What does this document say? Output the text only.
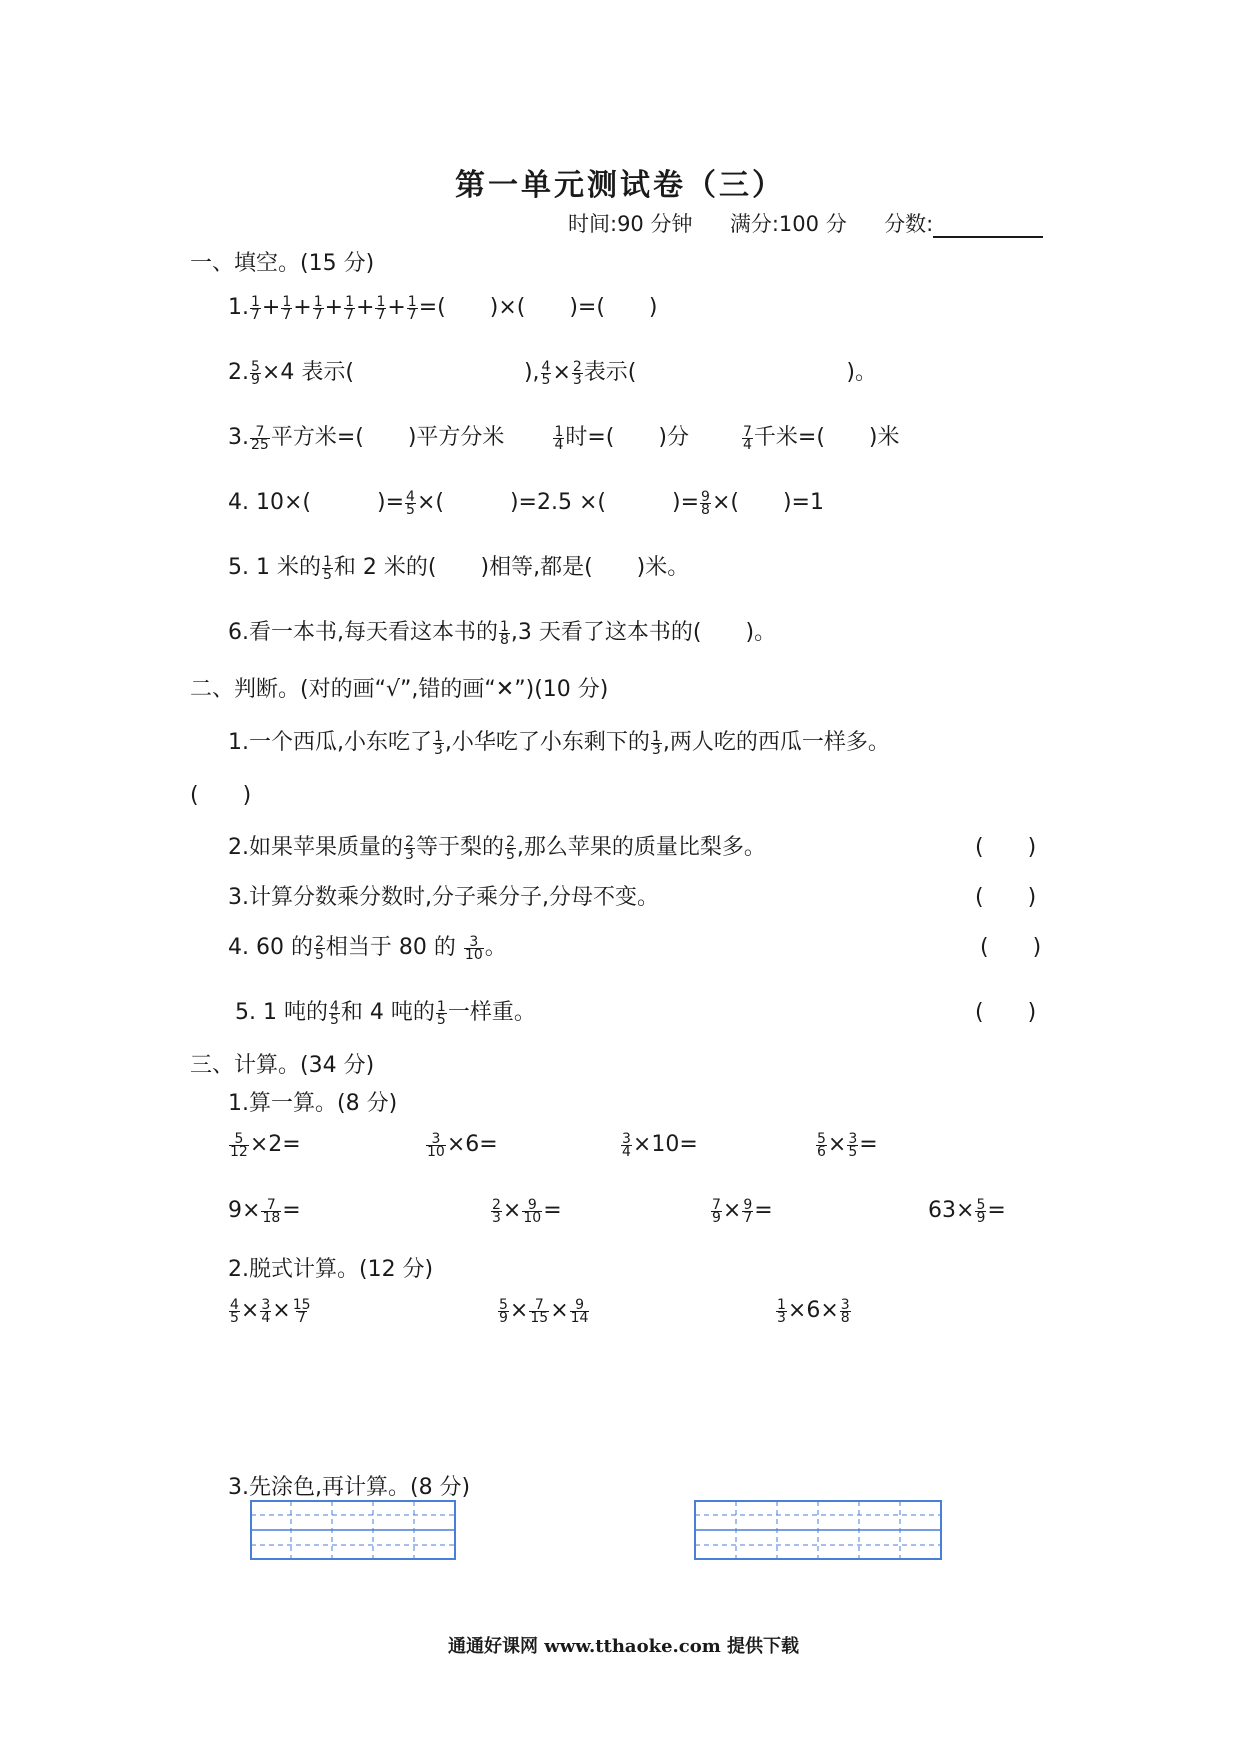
第一单元测试卷（三）
时间:90 分钟 满分:100 分 分数:
一、填空。(15 分)
1. $\frac{1}{7} + \frac{1}{7} + \frac{1}{7} + \frac{1}{7} + \frac{1}{7} + \frac{1}{7}$ =(　　)×(　　)=(　　)
2. $\frac{5}{9} \times 4$ 表示(	), $\frac{4}{5} \times \frac{2}{3}$ 表示(	)。
3. $\frac{7}{25}$ 平方米=(　　)平方分米	$\frac{1}{4}$ 时=(　　)分	$\frac{7}{4}$ 千米=(　　)米
4. 10×(　　　)= $\frac{4}{5}$ ×(　　　)=2.5 ×(　　　)= $\frac{9}{8}$ ×(　　)=1
5. 1 米的 $\frac{1}{5}$ 和 2 米的(　　)相等,都是(　　)米。
6.看一本书,每天看这本书的 $\frac{1}{8} ,3$ 天看了这本书的(　　)。
二、判断。(对的画“√”,错的画“✕”)(10 分)
1.一个西瓜,小东吃了 $\frac{1}{3}$ ,小华吃了小东剩下的 $\frac{1}{3}$ ,两人吃的西瓜一样多。
(　　)
2.如果苹果质量的 $\frac{2}{3}$ 等于梨的 $\frac{2}{5}$ ,那么苹果的质量比梨多。	(　　)
3.计算分数乘分数时,分子乘分子,分母不变。	(　　)
4. 60 的 $\frac{2}{5}$ 相当于 80 的 $\frac{3}{10}$ 。	(　　)
5. 1 吨的 $\frac{4}{5}$ 和 4 吨的 $\frac{1}{5}$ 一样重。	(　　)
三、计算。(34 分)
1.算一算。(8 分)
$\frac{5}{12} \times 2=$	$\frac{3}{10} \times 6=$	$\frac{3}{4} \times 10=$	$\frac{5}{6} \times \frac{3}{5}$ =
$9\times \frac{7}{18}$ =	$\frac{2}{3} \times \frac{9}{10}$ =	$\frac{7}{9} \times \frac{9}{7}$ =	$63\times \frac{5}{9}$ =
2.脱式计算。(12 分)
$\frac{4}{5} \times \frac{3}{4} \times \frac{15}{7}$	$\frac{5}{9} \times \frac{7}{15} \times \frac{9}{14}$	$\frac{1}{3} \times 6\times \frac{3}{8}$
3.先涂色,再计算。(8 分)
通通好课网 www.tthaoke.com 提供下载
